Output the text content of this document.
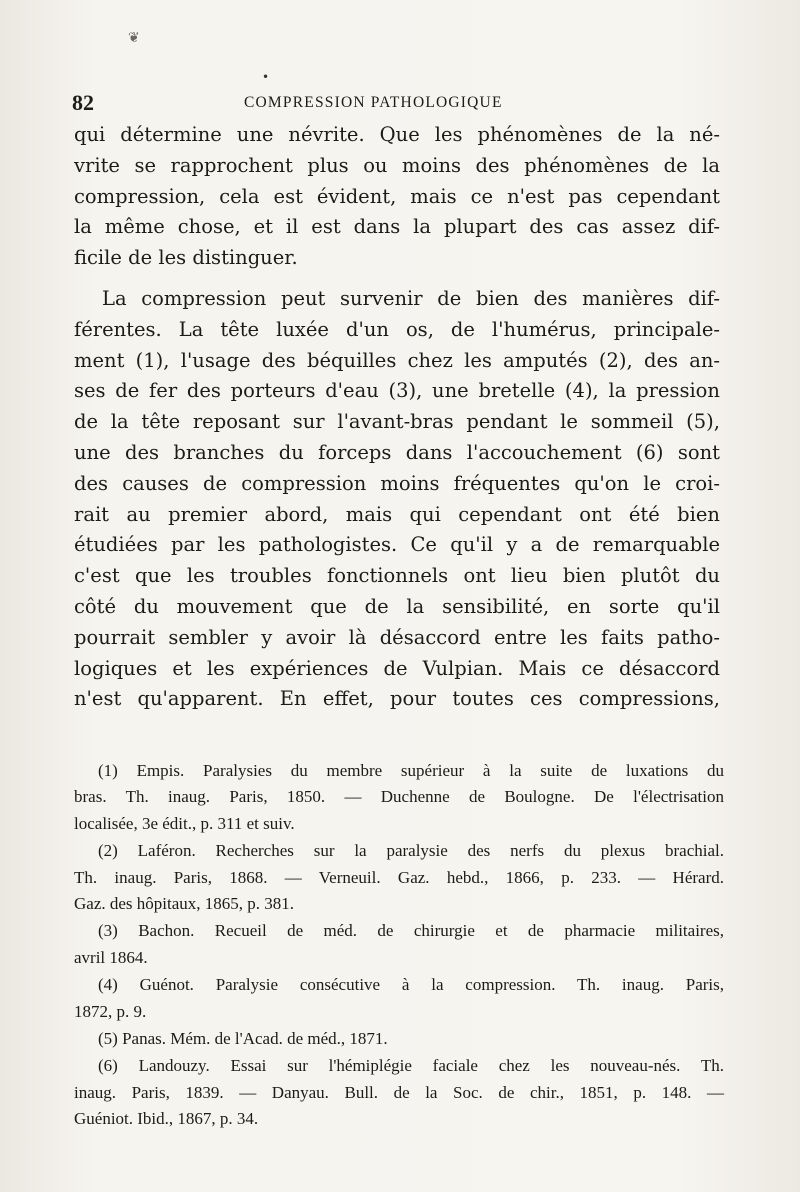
❦
•
82	COMPRESSION PATHOLOGIQUE

qui détermine une névrite. Que les phénomènes de la né-
vrite se rapprochent plus ou moins des phénomènes de la
compression, cela est évident, mais ce n'est pas cependant
la même chose, et il est dans la plupart des cas assez dif-
ficile de les distinguer.

La compression peut survenir de bien des manières dif-
férentes. La tête luxée d'un os, de l'humérus, principale-
ment (1), l'usage des béquilles chez les amputés (2), des an-
ses de fer des porteurs d'eau (3), une bretelle (4), la pression
de la tête reposant sur l'avant-bras pendant le sommeil (5),
une des branches du forceps dans l'accouchement (6) sont
des causes de compression moins fréquentes qu'on le croi-
rait au premier abord, mais qui cependant ont été bien
étudiées par les pathologistes. Ce qu'il y a de remarquable
c'est que les troubles fonctionnels ont lieu bien plutôt du
côté du mouvement que de la sensibilité, en sorte qu'il
pourrait sembler y avoir là désaccord entre les faits patho-
logiques et les expériences de Vulpian. Mais ce désaccord
n'est qu'apparent. En effet, pour toutes ces compressions,

(1) Empis. Paralysies du membre supérieur à la suite de luxations du
bras. Th. inaug. Paris, 1850. — Duchenne de Boulogne. De l'électrisation
localisée, 3e édit., p. 311 et suiv.
(2) Laféron. Recherches sur la paralysie des nerfs du plexus brachial.
Th. inaug. Paris, 1868. — Verneuil. Gaz. hebd., 1866, p. 233. — Hérard.
Gaz. des hôpitaux, 1865, p. 381.
(3) Bachon. Recueil de méd. de chirurgie et de pharmacie militaires,
avril 1864.
(4) Guénot. Paralysie consécutive à la compression. Th. inaug. Paris,
1872, p. 9.
(5) Panas. Mém. de l'Acad. de méd., 1871.
(6) Landouzy. Essai sur l'hémiplégie faciale chez les nouveau-nés. Th.
inaug. Paris, 1839. — Danyau. Bull. de la Soc. de chir., 1851, p. 148. —
Guéniot. Ibid., 1867, p. 34.
